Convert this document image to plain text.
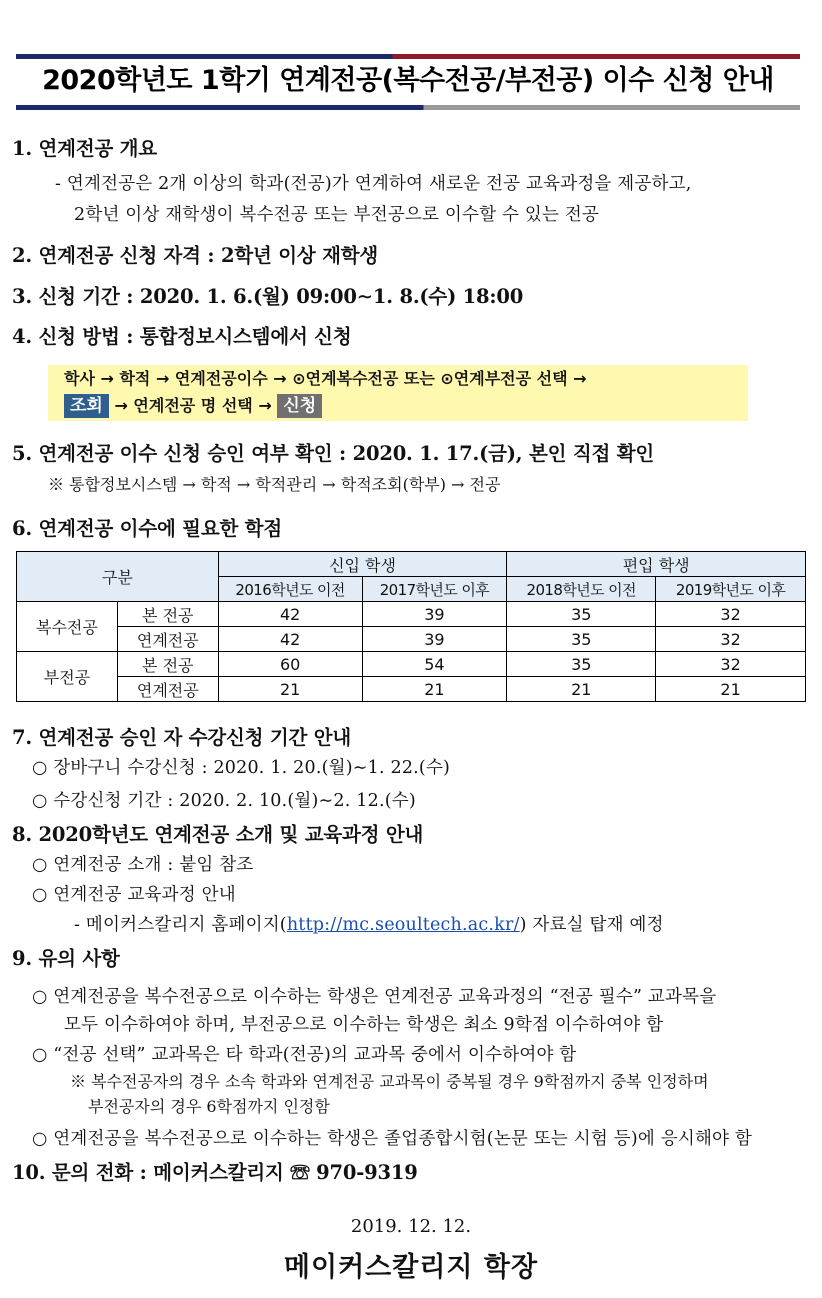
2020학년도 1학기 연계전공(복수전공/부전공) 이수 신청 안내
1. 연계전공 개요
- 연계전공은 2개 이상의 학과(전공)가 연계하여 새로운 전공 교육과정을 제공하고,
2학년 이상 재학생이 복수전공 또는 부전공으로 이수할 수 있는 전공
2. 연계전공 신청 자격 : 2학년 이상 재학생
3. 신청 기간 : 2020. 1. 6.(월) 09:00∼1. 8.(수) 18:00
4. 신청 방법 : 통합정보시스템에서 신청
학사 → 학적 → 연계전공이수 → ⊙연계복수전공 또는 ⊙연계부전공 선택 →
조회 → 연계전공 명 선택 → 신청
5. 연계전공 이수 신청 승인 여부 확인 : 2020. 1. 17.(금), 본인 직접 확인
※ 통합정보시스템 → 학적 → 학적관리 → 학적조회(학부) → 전공
6. 연계전공 이수에 필요한 학점
구분		신입 학생		편입 학생	
		2016학년도 이전	2017학년도 이후	2018학년도 이전	2019학년도 이후
복수전공	본 전공	42	39	35	32
	연계전공	42	39	35	32
부전공	본 전공	60	54	35	32
	연계전공	21	21	21	21
7. 연계전공 승인 자 수강신청 기간 안내
○ 장바구니 수강신청 : 2020. 1. 20.(월)∼1. 22.(수)
○ 수강신청 기간 : 2020. 2. 10.(월)∼2. 12.(수)
8. 2020학년도 연계전공 소개 및 교육과정 안내
○ 연계전공 소개 : 붙임 참조
○ 연계전공 교육과정 안내
- 메이커스칼리지 홈페이지(http://mc.seoultech.ac.kr/) 자료실 탑재 예정
9. 유의 사항
○ 연계전공을 복수전공으로 이수하는 학생은 연계전공 교육과정의 “전공 필수” 교과목을
모두 이수하여야 하며, 부전공으로 이수하는 학생은 최소 9학점 이수하여야 함
○ “전공 선택” 교과목은 타 학과(전공)의 교과목 중에서 이수하여야 함
※ 복수전공자의 경우 소속 학과와 연계전공 교과목이 중복될 경우 9학점까지 중복 인정하며
부전공자의 경우 6학점까지 인정함
○ 연계전공을 복수전공으로 이수하는 학생은 졸업종합시험(논문 또는 시험 등)에 응시해야 함
10. 문의 전화 : 메이커스칼리지 ☏ 970-9319
2019. 12. 12.
메이커스칼리지 학장
